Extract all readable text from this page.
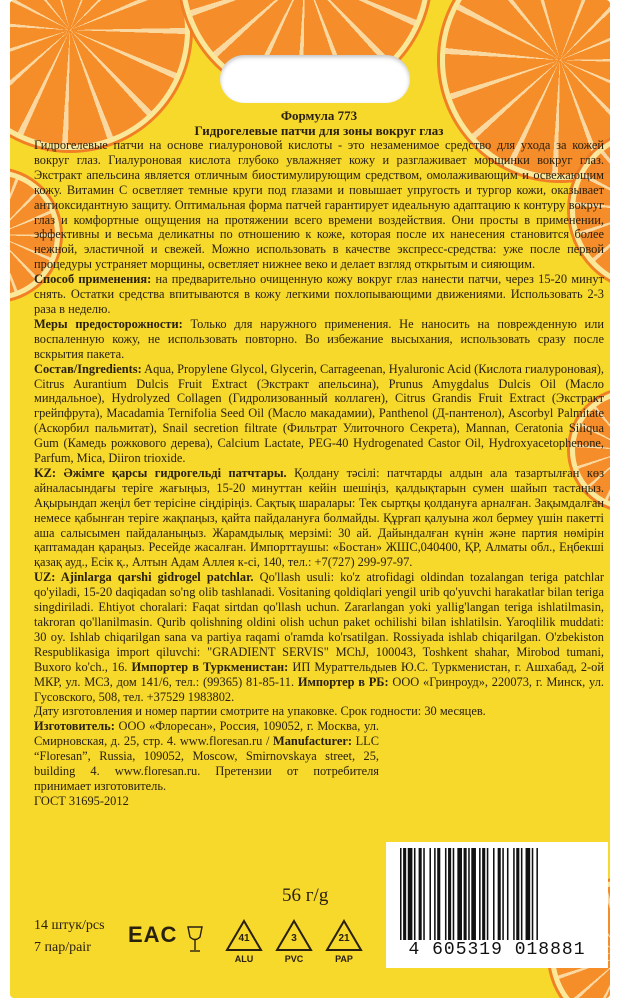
Формула 773
Гидрогелевые патчи для зоны вокруг глаз

Гидрогелевые патчи на основе гиалуроновой кислоты - это незаменимое средство для ухода за кожей вокруг глаз. Гиалуроновая кислота глубоко увлажняет кожу и разглаживает морщинки вокруг глаз. Экстракт апельсина является отличным биостимулирующим средством, омолаживающим и освежающим кожу. Витамин С осветляет темные круги под глазами и повышает упругость и тургор кожи, оказывает антиоксидантную защиту. Оптимальная форма патчей гарантирует идеальную адаптацию к контуру вокруг глаз и комфортные ощущения на протяжении всего времени воздействия. Они просты в применении, эффективны и весьма деликатны по отношению к коже, которая после их нанесения становится более нежной, эластичной и свежей. Можно использовать в качестве экспресс-средства: уже после первой процедуры устраняет морщины, осветляет нижнее веко и делает взгляд открытым и сияющим.

Способ применения: на предварительно очищенную кожу вокруг глаз нанести патчи, через 15-20 минут снять. Остатки средства впитываются в кожу легкими похлопывающими движениями. Использовать 2-3 раза в неделю.

Меры предосторожности: Только для наружного применения. Не наносить на поврежденную или воспаленную кожу, не использовать повторно. Во избежание высыхания, использовать сразу после вскрытия пакета.

Состав/Ingredients: Aqua, Propylene Glycol, Glycerin, Carrageenan, Hyaluronic Acid (Кислота гиалуроновая), Citrus Aurantium Dulcis Fruit Extract (Экстракт апельсина), Prunus Amygdalus Dulcis Oil (Масло миндальное), Hydrolyzed Collagen (Гидролизованный коллаген), Citrus Grandis Fruit Extract (Экстракт грейпфрута), Macadamia Ternifolia Seed Oil (Масло макадамии), Panthenol (Д-пантенол), Ascorbyl Palmitate (Аскорбил пальмитат), Snail secretion filtrate (Фильтрат Улиточного Секрета), Mannan, Ceratonia Siliqua Gum (Камедь рожкового дерева), Calcium Lactate, PEG-40 Hydrogenated Castor Oil, Hydroxyacetophenone, Parfum, Mica, Diiron trioxide.

KZ: Әжімге қарсы гидрогельді патчтары. Қолдану тәсілі: патчтарды алдын ала тазартылған көз айналасындағы теріге жағыңыз, 15-20 минуттан кейін шешіңіз, қалдықтарын сумен шайып тастаңыз. Ақырындап жеңіл бет терісіне сіңдіріңіз. Сақтық шаралары: Тек сыртқы қолдануға арналған. Зақымдалған немесе қабынған теріге жақпаңыз, қайта пайдалануға болмайды. Құрғап қалуына жол бермеу үшін пакетті аша салысымен пайдаланыңыз. Жарамдылық мерзімі: 30 ай. Дайындалған күнін және партия нөмірін қаптамадан қараңыз. Ресейде жасалған. Импорттаушы: «Бостан» ЖШС,040400, ҚР, Алматы обл., Еңбекші қазақ ауд., Есік қ., Алтын Адам Аллея к-сі, 140, тел.: +7(727) 299-97-97.

UZ: Ajinlarga qarshi gidrogel patchlar. Qo'llash usuli: ko'z atrofidagi oldindan tozalangan teriga patchlar qo'yiladi, 15-20 daqiqadan so'ng olib tashlanadi. Vositaning qoldiqlari yengil urib qo'yuvchi harakatlar bilan teriga singdiriladi. Ehtiyot choralari: Faqat sirtdan qo'llash uchun. Zararlangan yoki yallig'langan teriga ishlatilmasin, takroran qo'llanilmasin. Qurib qolishning oldini olish uchun paket ochilishi bilan ishlatilsin. Yaroqlilik muddati: 30 oy. Ishlab chiqarilgan sana va partiya raqami o'ramda ko'rsatilgan. Rossiyada ishlab chiqarilgan. O'zbekiston Respublikasiga import qiluvchi: "GRADIENT SERVIS" MChJ, 100043, Toshkent shahar, Mirobod tumani, Buxoro ko'ch., 16. Импортер в Туркменистан: ИП Мураттельдыев Ю.С. Туркменистан, г. Ашхабад, 2-ой МКР, ул. МСЗ, дом 141/6, тел.: (99365) 81-85-11. Импортер в РБ: ООО «Гринроуд», 220073, г. Минск, ул. Гусовского, 508, тел. +37529 1983802.

Дату изготовления и номер партии смотрите на упаковке. Срок годности: 30 месяцев.

Изготовитель: ООО «Флоресан», Россия, 109052, г. Москва, ул. Смирновская, д. 25, стр. 4. www.floresan.ru / Manufacturer: LLC “Floresan”, Russia, 109052, Moscow, Smirnovskaya street, 25, building 4. www.floresan.ru. Претензии от потребителя принимает изготовитель.

ГОСТ 31695-2012

56 г/g
14 штук/pcs
7 пар/pair
EAC	41
ALU
3
PVC
21
PAP	4 605319 018881
